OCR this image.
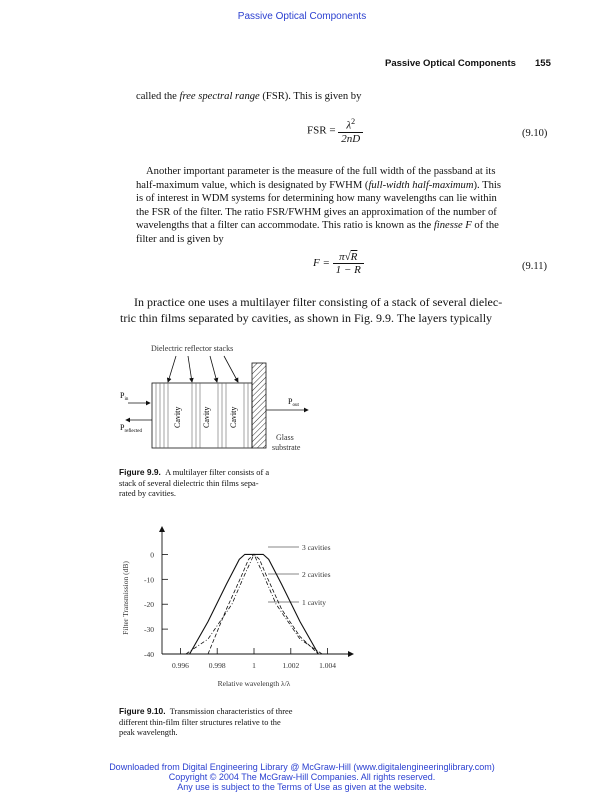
Passive Optical Components
Passive Optical Components 155
called the free spectral range (FSR). This is given by
FSR = $\frac{\lambda^2}{2nD}$	(9.10)
Another important parameter is the measure of the full width of the passband at its
half-maximum value, which is designated by FWHM (full-width half-maximum). This
is of interest in WDM systems for determining how many wavelengths can lie within
the FSR of the filter. The ratio FSR/FWHM gives an approximation of the number of
wavelengths that a filter can accommodate. This ratio is known as the finesse F of the
filter and is given by
$F = \frac{\pi√R}{1 - R}$	(9.11)
In practice one uses a multilayer filter consisting of a stack of several dielec-
tric thin films separated by cavities, as shown in Fig. 9.9. The layers typically
Dielectric reflector stacks
Cavity	Cavity Cavity
$P_{in}$
$P_{reflected}$
$P_{out}$
Glass
substrate
Figure 9.9. A multilayer filter consists of a
stack of several dielectric thin films sepa-
rated by cavities.
0
-10
-20
-30
-40
0.996	0.998	1	1.002	1.004
Relative wavelength λ/λ
Filter Transmission (dB)
3 cavities
2 cavities
1 cavity
Figure 9.10. Transmission characteristics of three
different thin-film filter structures relative to the
peak wavelength.
Downloaded from Digital Engineering Library @ McGraw-Hill (www.digitalengineeringlibrary.com)
Copyright © 2004 The McGraw-Hill Companies. All rights reserved.
Any use is subject to the Terms of Use as given at the website.
